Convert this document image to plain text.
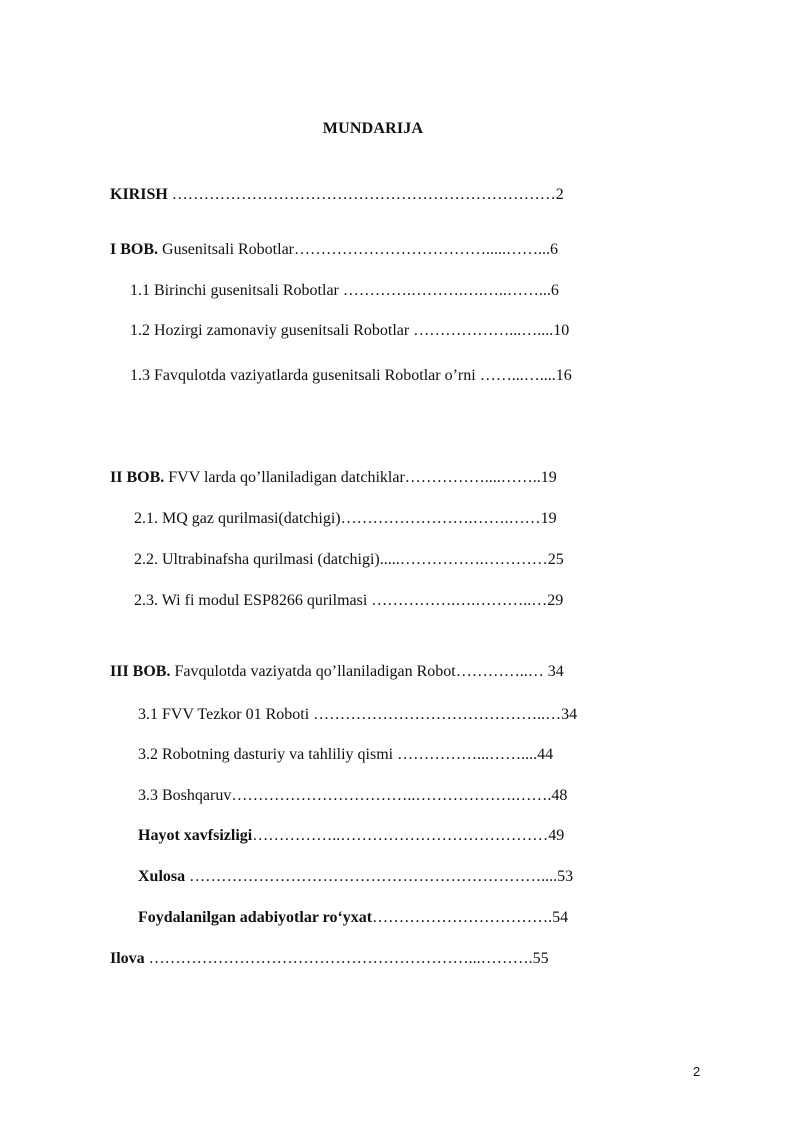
MUNDARIJA
KIRISH ………………………………………………………………2
I BOB. Gusenitsali Robotlar……………………………….....……...6
1.1 Birinchi gusenitsali Robotlar ………….……….….…..……...6
1.2 Hozirgi zamonaviy gusenitsali Robotlar ………………...…....10
1.3 Favqulotda vaziyatlarda gusenitsali Robotlar o’rni ……...…....16
II BOB. FVV larda qo’llaniladigan datchiklar……………....……..19
2.1. MQ gaz qurilmasi(datchigi)…………………….…….……19
2.2. Ultrabinafsha qurilmasi (datchigi).....…………….…………25
2.3. Wi fi modul ESP8266 qurilmasi …………….….………..…29
III BOB. Favqulotda vaziyatda qo’llaniladigan Robot…………..… 34
3.1 FVV Tezkor 01 Roboti ……………………………………..…34
3.2 Robotning dasturiy va tahliliy qismi ……………...……....44
3.3 Boshqaruv……………………………..……………….…….48
Hayot xavfsizligi……………..…………………………………49
Xulosa …………………………………………………………....53
Foydalanilgan adabiyotlar ro‘yxat…………………………….54
Ilova ……………………………………………………...……….55
2
